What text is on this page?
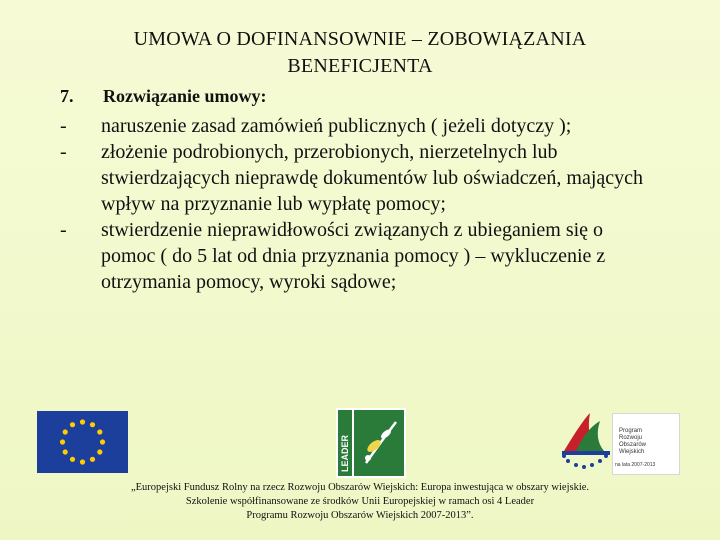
UMOWA O DOFINANSOWNIE – ZOBOWIĄZANIA
BENEFICJENTA
7. Rozwiązanie umowy:
-	naruszenie zasad zamówień publicznych ( jeżeli dotyczy );
-	złożenie podrobionych, przerobionych, nierzetelnych lub stwierdzających nieprawdę dokumentów lub oświadczeń, mających wpływ na przyznanie lub wypłatę pomocy;
-	stwierdzenie nieprawidłowości związanych z ubieganiem się o pomoc ( do 5 lat od dnia przyznania pomocy ) – wykluczenie z otrzymania pomocy, wyroki sądowe;
LEADER
Program
Rozwoju
Obszarów
Wiejskich
na lata 2007-2013
„Europejski Fundusz Rolny na rzecz Rozwoju Obszarów Wiejskich: Europa inwestująca w obszary wiejskie.
Szkolenie współfinansowane ze środków Unii Europejskiej w ramach osi 4 Leader
Programu Rozwoju Obszarów Wiejskich 2007-2013”.
